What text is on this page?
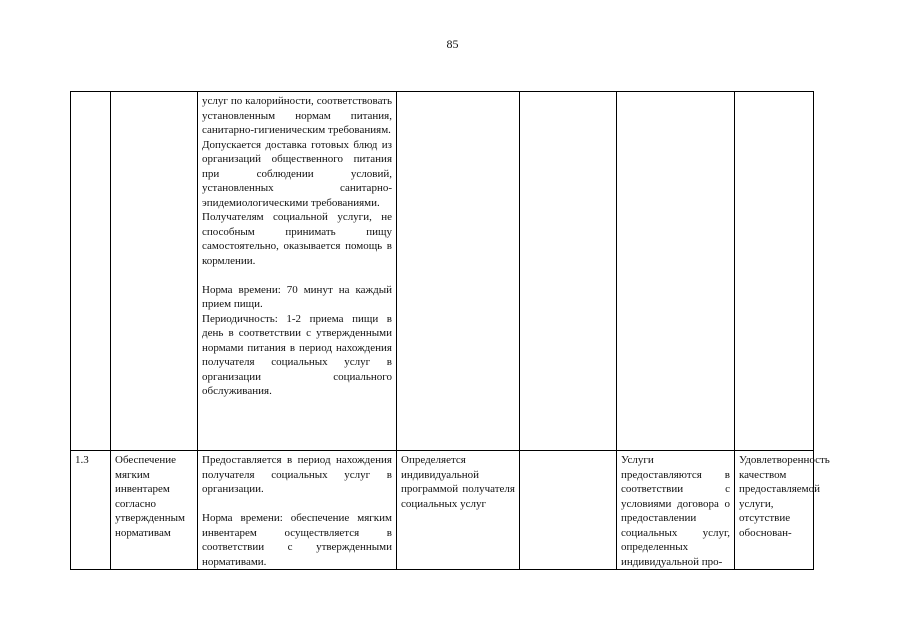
85

		услуг по калорийности, соответствовать установленным нормам питания, санитарно-гигиеническим требованиям.
Допускается доставка готовых блюд из организаций общественного питания при соблюдении условий, установленных санитарно-эпидемиологическими требованиями.
Получателям социальной услуги, не способным принимать пищу самостоятельно, оказывается помощь в кормлении.
Норма времени: 70 минут на каждый прием пищи.
Периодичность: 1-2 приема пищи в день в соответствии с утвержденными нормами питания в период нахождения получателя социальных услуг в организации социального обслуживания.				

1.3	Обеспечение мягким инвентарем согласно утвержденным нормативам	Предоставляется в период нахождения получателя социальных услуг в организации.
Норма времени: обеспечение мягким инвентарем осуществляется в соответствии с утвержденными нормативами.	Определяется индивидуальной программой получателя социальных услуг		Услуги предоставляются в соответствии с условиями договора о предоставлении социальных услуг, определенных индивидуальной про-	Удовлетворенность качеством предоставляемой услуги, отсутствие обоснован-
